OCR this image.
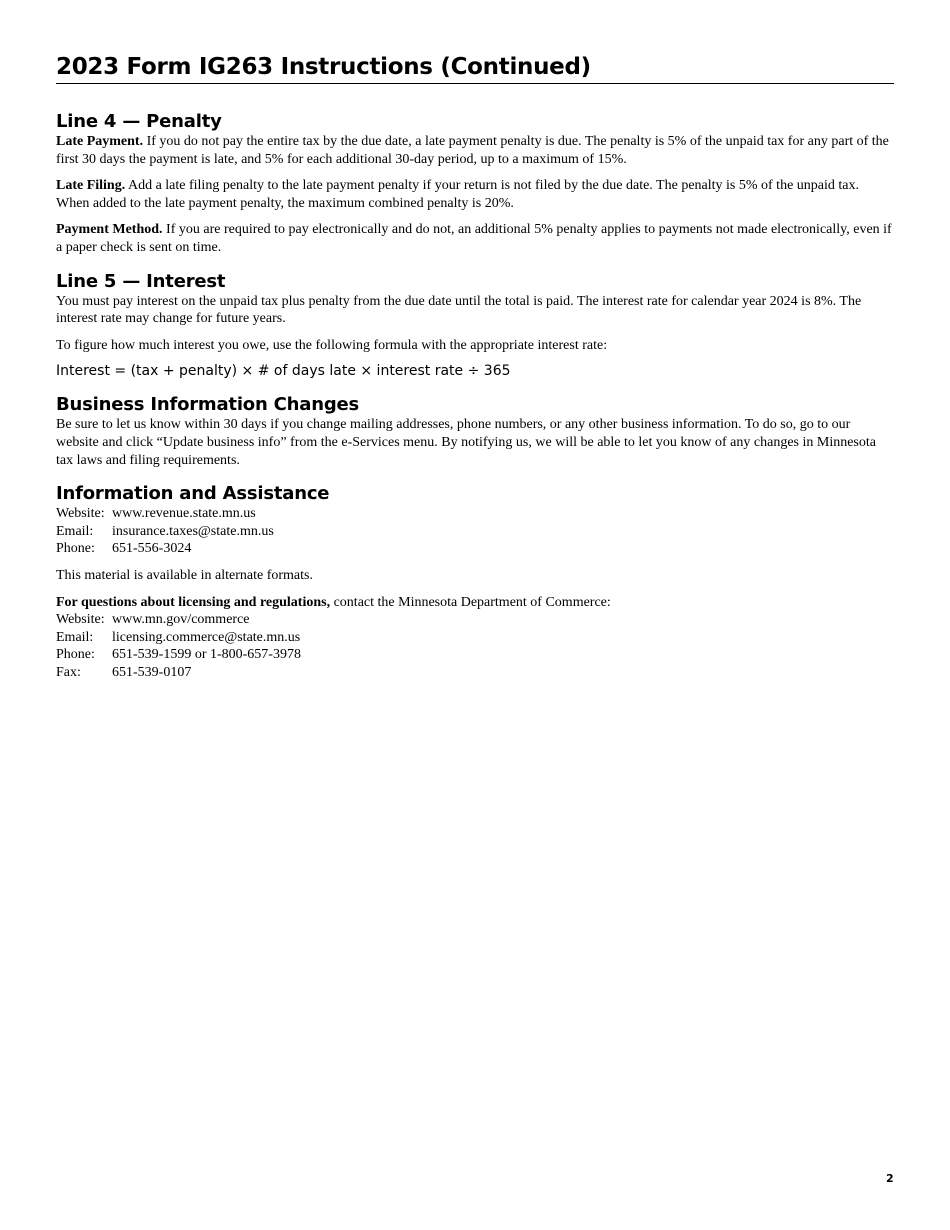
2023 Form IG263 Instructions (Continued)
Line 4 — Penalty

Late Payment. If you do not pay the entire tax by the due date, a late payment penalty is due. The penalty is 5% of the unpaid tax for any part of the first 30 days the payment is late, and 5% for each additional 30-day period, up to a maximum of 15%.

Late Filing. Add a late filing penalty to the late payment penalty if your return is not filed by the due date. The penalty is 5% of the unpaid tax. When added to the late payment penalty, the maximum combined penalty is 20%.

Payment Method. If you are required to pay electronically and do not, an additional 5% penalty applies to payments not made electronically, even if a paper check is sent on time.

Line 5 — Interest

You must pay interest on the unpaid tax plus penalty from the due date until the total is paid. The interest rate for calendar year 2024 is 8%. The interest rate may change for future years.

To figure how much interest you owe, use the following formula with the appropriate interest rate:

Interest = (tax + penalty) × # of days late × interest rate ÷ 365
Business Information Changes

Be sure to let us know within 30 days if you change mailing addresses, phone numbers, or any other business information. To do so, go to our website and click “Update business info” from the e-Services menu. By notifying us, we will be able to let you know of any changes in Minnesota tax laws and filing requirements.

Information and Assistance
Website: www.revenue.state.mn.us
Email:	insurance.taxes@state.mn.us
Phone:	651-556-3024

This material is available in alternate formats.

For questions about licensing and regulations, contact the Minnesota Department of Commerce:

Website: www.mn.gov/commerce
Email:	licensing.commerce@state.mn.us
Phone:	651-539-1599 or 1-800-657-3978
Fax:	651-539-0107
2
